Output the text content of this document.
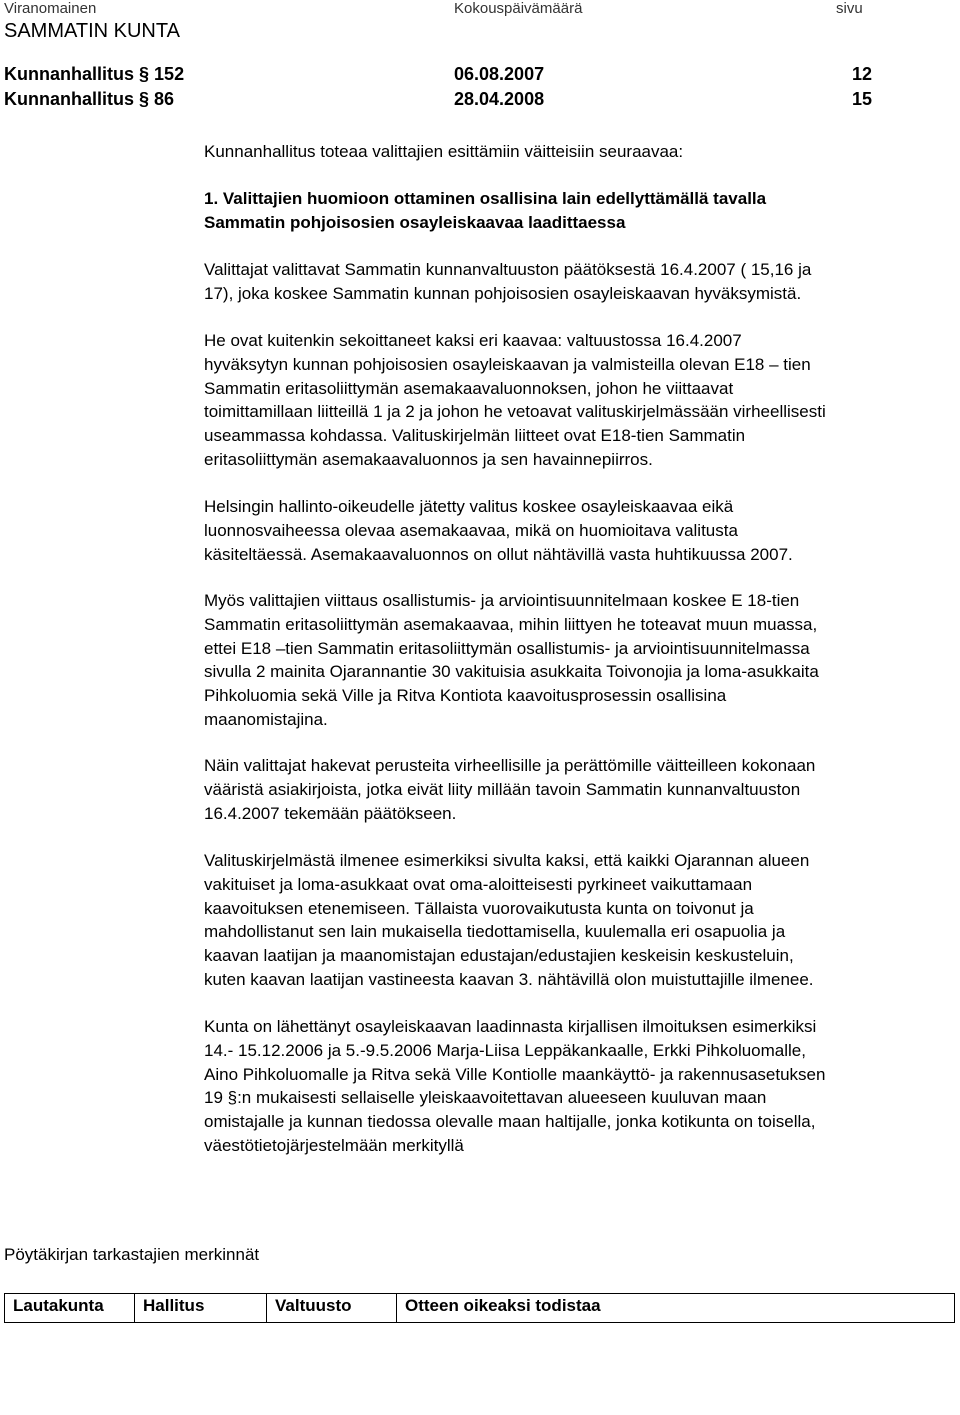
Viranomainen	Kokouspäivämäärä	sivu
SAMMATIN KUNTA
Kunnanhallitus § 152	06.08.2007	12
Kunnanhallitus § 86	28.04.2008	15

Kunnanhallitus toteaa valittajien esittämiin väitteisiin seuraavaa:

1. Valittajien huomioon ottaminen osallisina lain edellyttämällä tavalla

Sammatin pohjoisosien osayleiskaavaa laadittaessa

Valittajat valittavat Sammatin kunnanvaltuuston päätöksestä 16.4.2007 ( 15,16 ja

17), joka koskee Sammatin kunnan pohjoisosien osayleiskaavan hyväksymistä.

He ovat kuitenkin sekoittaneet kaksi eri kaavaa: valtuustossa 16.4.2007

hyväksytyn kunnan pohjoisosien osayleiskaavan ja valmisteilla olevan E18 – tien

Sammatin eritasoliittymän asemakaavaluonnoksen, johon he viittaavat

toimittamillaan liitteillä 1 ja 2 ja johon he vetoavat valituskirjelmässään virheellisesti

useammassa kohdassa. Valituskirjelmän liitteet ovat E18-tien Sammatin

eritasoliittymän asemakaavaluonnos ja sen havainnepiirros.

Helsingin hallinto-oikeudelle jätetty valitus koskee osayleiskaavaa eikä

luonnosvaiheessa olevaa asemakaavaa, mikä on huomioitava valitusta

käsiteltäessä. Asemakaavaluonnos on ollut nähtävillä vasta huhtikuussa 2007.

Myös valittajien viittaus osallistumis- ja arviointisuunnitelmaan koskee E 18-tien

Sammatin eritasoliittymän asemakaavaa, mihin liittyen he toteavat muun muassa,

ettei E18 –tien Sammatin eritasoliittymän osallistumis- ja arviointisuunnitelmassa

sivulla 2 mainita Ojarannantie 30 vakituisia asukkaita Toivonojia ja loma-asukkaita

Pihkoluomia sekä Ville ja Ritva Kontiota kaavoitusprosessin osallisina

maanomistajina.

Näin valittajat hakevat perusteita virheellisille ja perättömille väitteilleen kokonaan

vääristä asiakirjoista, jotka eivät liity millään tavoin Sammatin kunnanvaltuuston

16.4.2007 tekemään päätökseen.

Valituskirjelmästä ilmenee esimerkiksi sivulta kaksi, että kaikki Ojarannan alueen

vakituiset ja loma-asukkaat ovat oma-aloitteisesti pyrkineet vaikuttamaan

kaavoituksen etenemiseen. Tällaista vuorovaikutusta kunta on toivonut ja

mahdollistanut sen lain mukaisella tiedottamisella, kuulemalla eri osapuolia ja

kaavan laatijan ja maanomistajan edustajan/edustajien keskeisin keskusteluin,

kuten kaavan laatijan vastineesta kaavan 3. nähtävillä olon muistuttajille ilmenee.

Kunta on lähettänyt osayleiskaavan laadinnasta kirjallisen ilmoituksen esimerkiksi

14.- 15.12.2006 ja 5.-9.5.2006 Marja-Liisa Leppäkankaalle, Erkki Pihkoluomalle,

Aino Pihkoluomalle ja Ritva sekä Ville Kontiolle maankäyttö- ja rakennusasetuksen

19 §:n mukaisesti sellaiselle yleiskaavoitettavan alueeseen kuuluvan maan

omistajalle ja kunnan tiedossa olevalle maan haltijalle, jonka kotikunta on toisella,

väestötietojärjestelmään merkityllä

Pöytäkirjan tarkastajien merkinnät
Lautakunta	Hallitus	Valtuusto	Otteen oikeaksi todistaa
